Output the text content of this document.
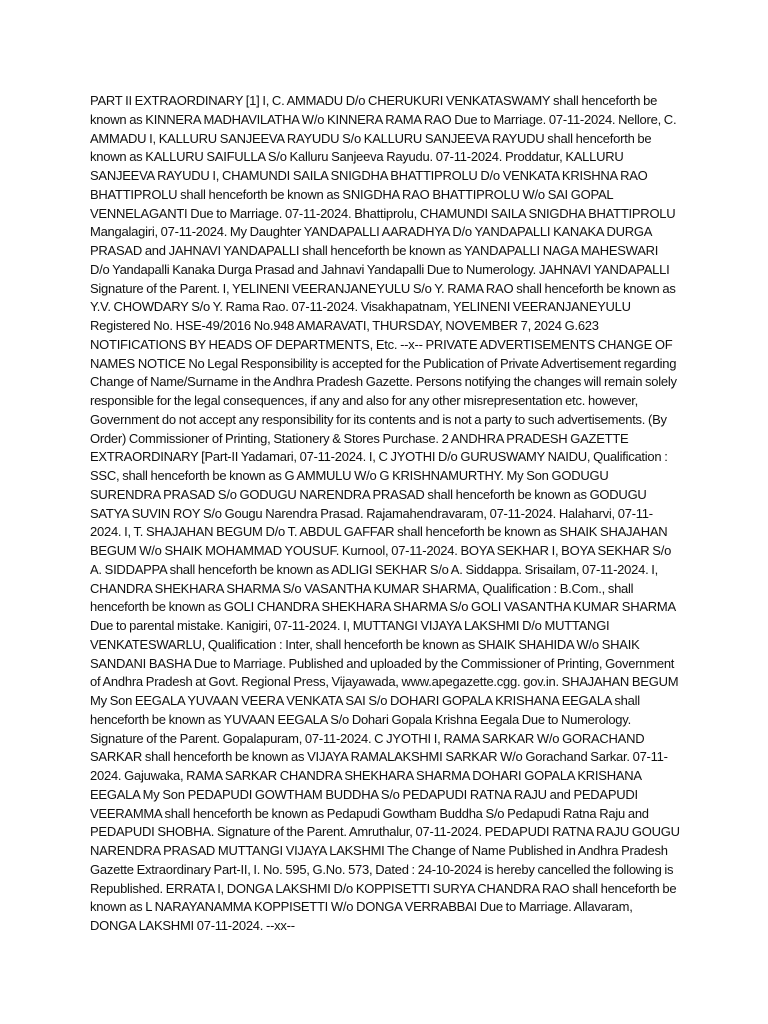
PART II EXTRAORDINARY [1] I, C. AMMADU D/o CHERUKURI VENKATASWAMY shall henceforth be known as KINNERA MADHAVILATHA W/o KINNERA RAMA RAO Due to Marriage. 07-11-2024. Nellore, C. AMMADU I, KALLURU SANJEEVA RAYUDU S/o KALLURU SANJEEVA RAYUDU shall henceforth be known as KALLURU SAIFULLA S/o Kalluru Sanjeeva Rayudu. 07-11-2024. Proddatur, KALLURU SANJEEVA RAYUDU I, CHAMUNDI SAILA SNIGDHA BHATTIPROLU D/o VENKATA KRISHNA RAO BHATTIPROLU shall henceforth be known as SNIGDHA RAO BHATTIPROLU W/o SAI GOPAL VENNELAGANTI Due to Marriage. 07-11-2024. Bhattiprolu, CHAMUNDI SAILA SNIGDHA BHATTIPROLU Mangalagiri, 07-11-2024. My Daughter YANDAPALLI AARADHYA D/o YANDAPALLI KANAKA DURGA PRASAD and JAHNAVI YANDAPALLI shall henceforth be known as YANDAPALLI NAGA MAHESWARI D/o Yandapalli Kanaka Durga Prasad and Jahnavi Yandapalli Due to Numerology. JAHNAVI YANDAPALLI Signature of the Parent. I, YELINENI VEERANJANEYULU S/o Y. RAMA RAO shall henceforth be known as Y.V. CHOWDARY S/o Y. Rama Rao. 07-11-2024. Visakhapatnam, YELINENI VEERANJANEYULU Registered No. HSE-49/2016 No.948 AMARAVATI, THURSDAY, NOVEMBER 7, 2024 G.623 NOTIFICATIONS BY HEADS OF DEPARTMENTS, Etc. --x-- PRIVATE ADVERTISEMENTS CHANGE OF NAMES NOTICE No Legal Responsibility is accepted for the Publication of Private Advertisement regarding Change of Name/Surname in the Andhra Pradesh Gazette. Persons notifying the changes will remain solely responsible for the legal consequences, if any and also for any other misrepresentation etc. however, Government do not accept any responsibility for its contents and is not a party to such advertisements. (By Order) Commissioner of Printing, Stationery & Stores Purchase. 2 ANDHRA PRADESH GAZETTE EXTRAORDINARY [Part-II Yadamari, 07-11-2024. I, C JYOTHI D/o GURUSWAMY NAIDU, Qualification : SSC, shall henceforth be known as G AMMULU W/o G KRISHNAMURTHY. My Son GODUGU SURENDRA PRASAD S/o GODUGU NARENDRA PRASAD shall henceforth be known as GODUGU SATYA SUVIN ROY S/o Gougu Narendra Prasad. Rajamahendravaram, 07-11-2024. Halaharvi, 07-11-2024. I, T. SHAJAHAN BEGUM D/o T. ABDUL GAFFAR shall henceforth be known as SHAIK SHAJAHAN BEGUM W/o SHAIK MOHAMMAD YOUSUF. Kurnool, 07-11-2024. BOYA SEKHAR I, BOYA SEKHAR S/o A. SIDDAPPA shall henceforth be known as ADLIGI SEKHAR S/o A. Siddappa. Srisailam, 07-11-2024. I, CHANDRA SHEKHARA SHARMA S/o VASANTHA KUMAR SHARMA, Qualification : B.Com., shall henceforth be known as GOLI CHANDRA SHEKHARA SHARMA S/o GOLI VASANTHA KUMAR SHARMA Due to parental mistake. Kanigiri, 07-11-2024. I, MUTTANGI VIJAYA LAKSHMI D/o MUTTANGI VENKATESWARLU, Qualification : Inter, shall henceforth be known as SHAIK SHAHIDA W/o SHAIK SANDANI BASHA Due to Marriage. Published and uploaded by the Commissioner of Printing, Government of Andhra Pradesh at Govt. Regional Press, Vijayawada, www.apegazette.cgg. gov.in. SHAJAHAN BEGUM My Son EEGALA YUVAAN VEERA VENKATA SAI S/o DOHARI GOPALA KRISHANA EEGALA shall henceforth be known as YUVAAN EEGALA S/o Dohari Gopala Krishna Eegala Due to Numerology. Signature of the Parent. Gopalapuram, 07-11-2024. C JYOTHI I, RAMA SARKAR W/o GORACHAND SARKAR shall henceforth be known as VIJAYA RAMALAKSHMI SARKAR W/o Gorachand Sarkar. 07-11-2024. Gajuwaka, RAMA SARKAR CHANDRA SHEKHARA SHARMA DOHARI GOPALA KRISHANA EEGALA My Son PEDAPUDI GOWTHAM BUDDHA S/o PEDAPUDI RATNA RAJU and PEDAPUDI VEERAMMA shall henceforth be known as Pedapudi Gowtham Buddha S/o Pedapudi Ratna Raju and PEDAPUDI SHOBHA. Signature of the Parent. Amruthalur, 07-11-2024. PEDAPUDI RATNA RAJU GOUGU NARENDRA PRASAD MUTTANGI VIJAYA LAKSHMI The Change of Name Published in Andhra Pradesh Gazette Extraordinary Part-II, I. No. 595, G.No. 573, Dated : 24-10-2024 is hereby cancelled the following is Republished. ERRATA I, DONGA LAKSHMI D/o KOPPISETTI SURYA CHANDRA RAO shall henceforth be known as L NARAYANAMMA KOPPISETTI W/o DONGA VERRABBAI Due to Marriage. Allavaram, DONGA LAKSHMI 07-11-2024. --xx--
